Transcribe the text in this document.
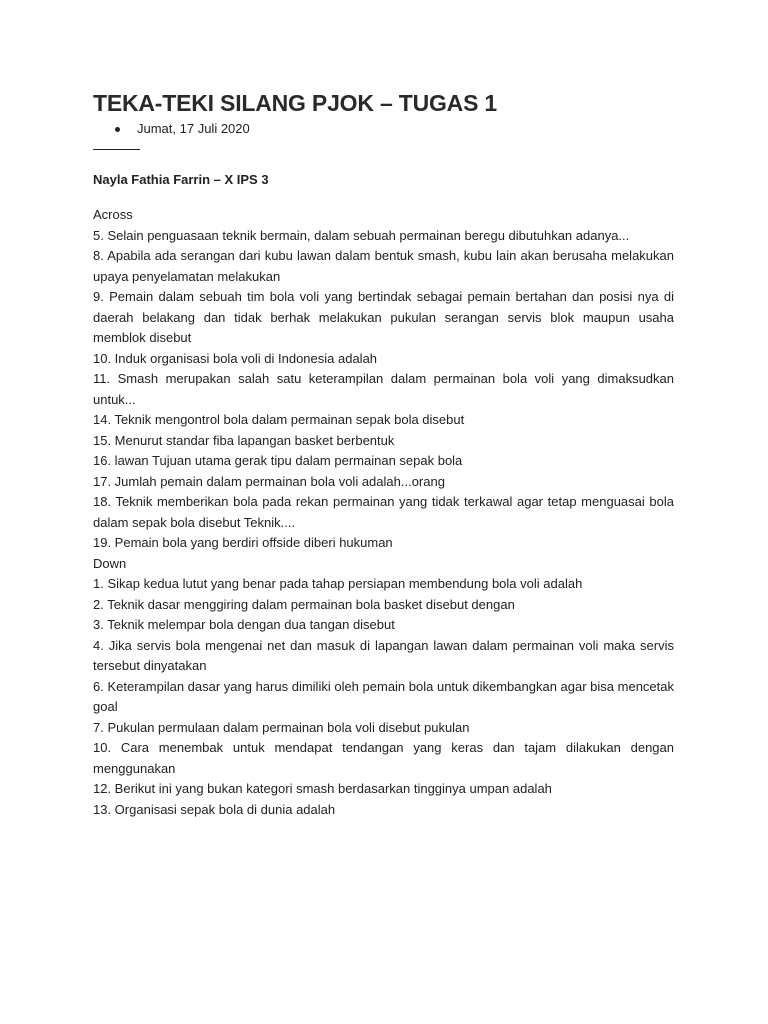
TEKA-TEKI SILANG PJOK – TUGAS 1
Jumat, 17 Juli 2020
Nayla Fathia Farrin – X IPS 3
Across

5. Selain penguasaan teknik bermain, dalam sebuah permainan beregu dibutuhkan adanya...

8. Apabila ada serangan dari kubu lawan dalam bentuk smash, kubu lain akan berusaha melakukan upaya penyelamatan melakukan

9. Pemain dalam sebuah tim bola voli yang bertindak sebagai pemain bertahan dan posisi nya di daerah belakang dan tidak berhak melakukan pukulan serangan servis blok maupun usaha memblok disebut

10. Induk organisasi bola voli di Indonesia adalah

11. Smash merupakan salah satu keterampilan dalam permainan bola voli yang dimaksudkan untuk...

14. Teknik mengontrol bola dalam permainan sepak bola disebut

15. Menurut standar fiba lapangan basket berbentuk

16. lawan Tujuan utama gerak tipu dalam permainan sepak bola

17. Jumlah pemain dalam permainan bola voli adalah...orang

18. Teknik memberikan bola pada rekan permainan yang tidak terkawal agar tetap menguasai bola dalam sepak bola disebut Teknik....

19. Pemain bola yang berdiri offside diberi hukuman

Down

1. Sikap kedua lutut yang benar pada tahap persiapan membendung bola voli adalah

2. Teknik dasar menggiring dalam permainan bola basket disebut dengan

3. Teknik melempar bola dengan dua tangan disebut

4. Jika servis bola mengenai net dan masuk di lapangan lawan dalam permainan voli maka servis tersebut dinyatakan

6. Keterampilan dasar yang harus dimiliki oleh pemain bola untuk dikembangkan agar bisa mencetak goal

7. Pukulan permulaan dalam permainan bola voli disebut pukulan

10. Cara menembak untuk mendapat tendangan yang keras dan tajam dilakukan dengan menggunakan

12. Berikut ini yang bukan kategori smash berdasarkan tingginya umpan adalah

13. Organisasi sepak bola di dunia adalah
